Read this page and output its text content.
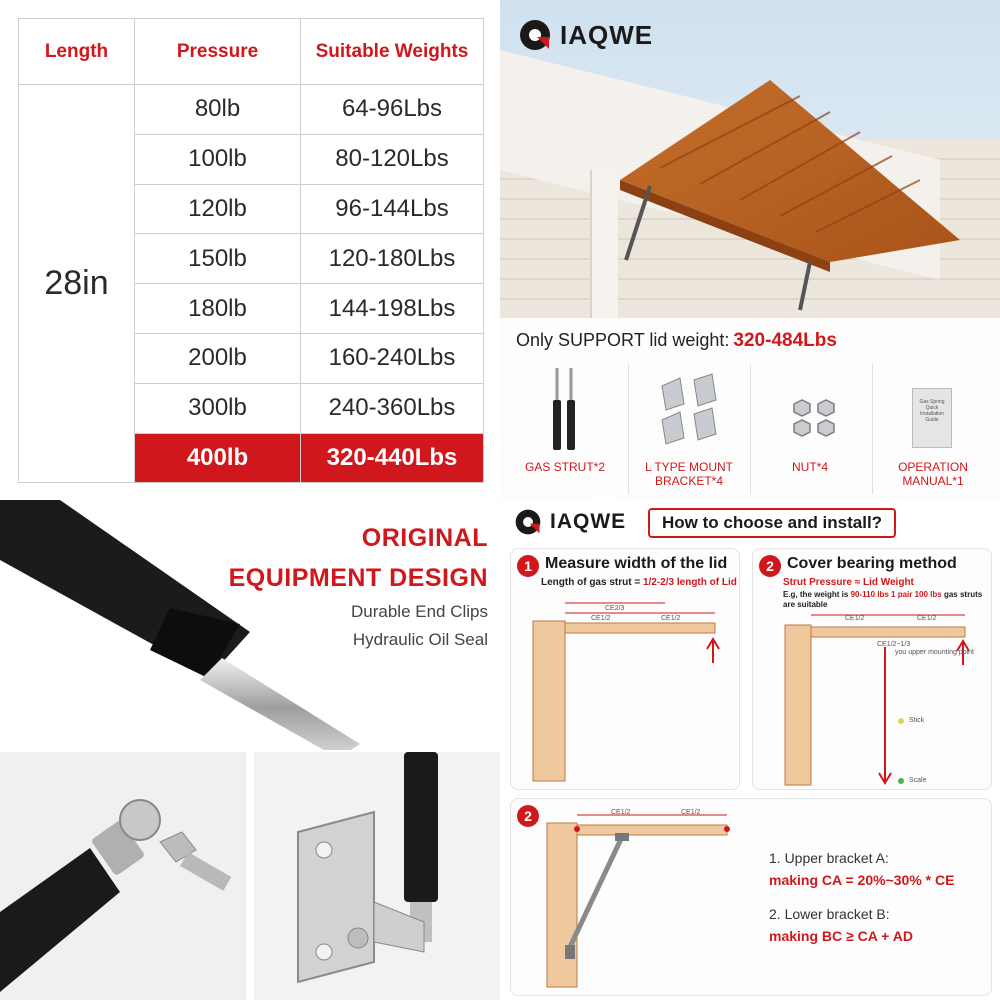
Length	Pressure	Suitable Weights
28in	80lb	64-96Lbs
	100lb	80-120Lbs
	120lb	96-144Lbs
	150lb	120-180Lbs
	180lb	144-198Lbs
	200lb	160-240Lbs
	300lb	240-360Lbs
	400lb	320-440Lbs
IAQWE
Only SUPPORT lid weight: 320-484Lbs
GAS STRUT*2	L TYPE MOUNT
BRACKET*4
NUT*4

Gas Spring Quick Installation Guide
OPERATION
MANUAL*1
ORIGINAL
EQUIPMENT DESIGN
Durable End Clips
Hydraulic Oil Seal
IAQWE	How to choose and install?
1 Measure width of the lid
Length of gas strut = 1/2-2/3 length of Lid
CE2/3
CE1/2	CE1/2
2 Cover bearing method
Strut Pressure ≈ Lid Weight
E.g, the weight is 90-110 lbs 1 pair 100 lbs gas struts are suitable
CE1/2	CE1/2
CE1/2~1/3
you upper mounting point
Stick
Scale
2	CE1/2	CE1/2
1. Upper bracket A:
making CA = 20%~30% * CE
2. Lower bracket B:
making BC ≥ CA + AD
